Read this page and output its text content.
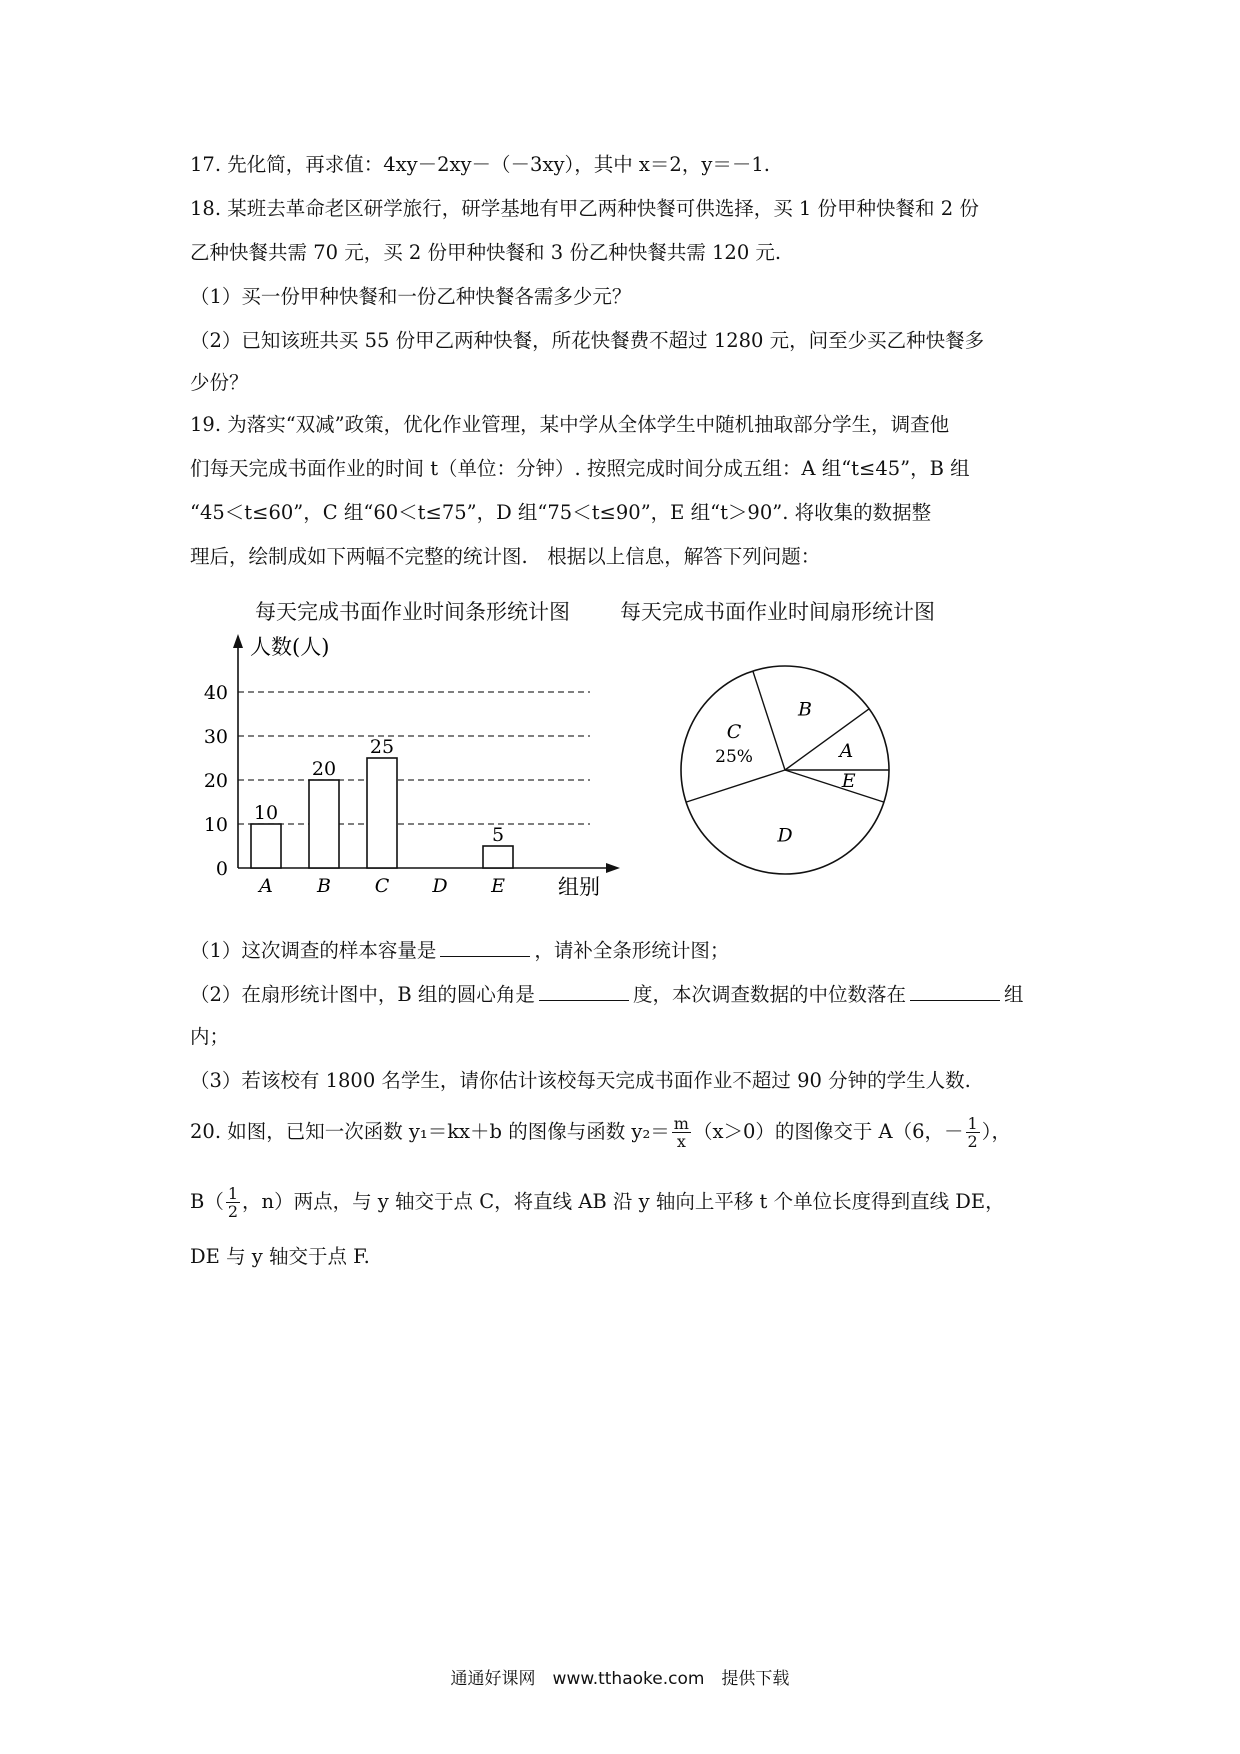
17. 先化简，再求值：4xy－2xy－（－3xy），其中 x＝2，y＝－1.
18. 某班去革命老区研学旅行，研学基地有甲乙两种快餐可供选择，买 1 份甲种快餐和 2 份
乙种快餐共需 70 元，买 2 份甲种快餐和 3 份乙种快餐共需 120 元.
（1）买一份甲种快餐和一份乙种快餐各需多少元？
（2）已知该班共买 55 份甲乙两种快餐，所花快餐费不超过 1280 元，问至少买乙种快餐多
少份？
19. 为落实“双减”政策，优化作业管理，某中学从全体学生中随机抽取部分学生，调查他
们每天完成书面作业的时间 t（单位：分钟）. 按照完成时间分成五组：A 组“t≤45”，B 组
“45＜t≤60”，C 组“60＜t≤75”，D 组“75＜t≤90”，E 组“t＞90”. 将收集的数据整
理后，绘制成如下两幅不完整的统计图.　根据以上信息，解答下列问题：
每天完成书面作业时间条形统计图 每天完成书面作业时间扇形统计图
0
10
20
30
40
人数(人)
组别
10
A
20
B
25
C D
5
E
A
B
C
25%
D
E
（1）这次调查的样本容量是	，请补全条形统计图；
（2）在扇形统计图中，B 组的圆心角是	度，本次调查数据的中位数落在	组
内；
（3）若该校有 1800 名学生，请你估计该校每天完成书面作业不超过 90 分钟的学生人数.
20. 如图，已知一次函数 y₁＝kx＋b 的图像与函数 $y_2= \frac{m}{x} (x>0)$的图像交于 A（6，－ $\frac{1}{2}$ ），
$B( \frac{1}{2}$ ，n）两点，与 y 轴交于点 C，将直线 AB 沿 y 轴向上平移 t 个单位长度得到直线 DE，
DE 与 y 轴交于点 F.
通通好课网　www.tthaoke.com　提供下载
